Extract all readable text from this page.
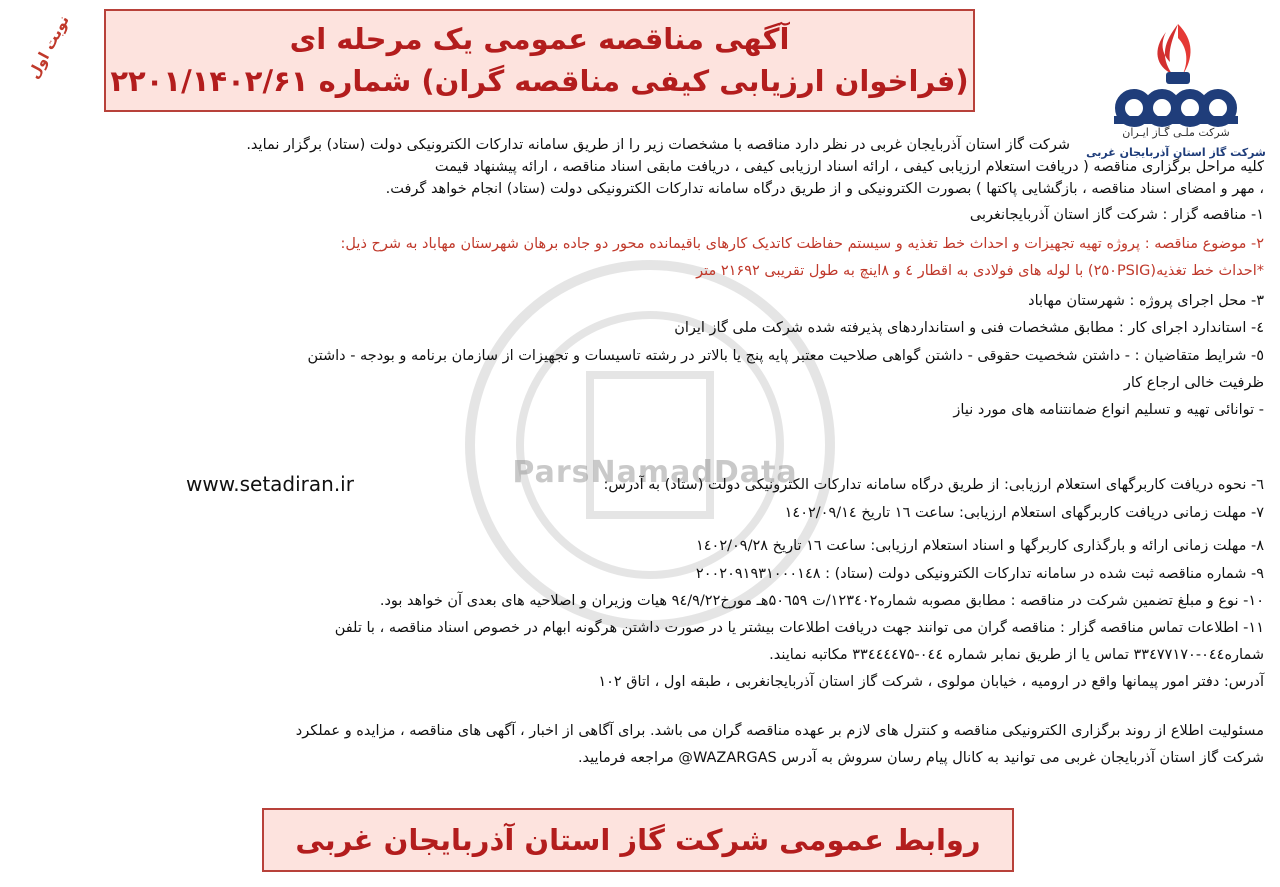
ParsNamadData
آگهی مناقصه عمومی یک مرحله ای
(فراخوان ارزیابی کیفی مناقصه گران) شماره ۲۲۰۱/۱۴۰۲/۶۱
نوبت اول
شرکت ملـی گـاز ایـران
شرکت گاز استان آذربایجان غربی
شرکت گاز استان آذربایجان غربی در نظر دارد مناقصه با مشخصات زیر را از طریق سامانه تدارکات الکترونیکی دولت (ستاد) برگزار نماید.
کلیه مراحل برگزاری مناقصه ( دریافت استعلام ارزیابی کیفی ، ارائه اسناد ارزیابی کیفی ، دریافت مابقی اسناد مناقصه ، ارائه پیشنهاد قیمت
، مهر و امضای اسناد مناقصه ، بازگشایی پاکتها ) بصورت الکترونیکی و از طریق درگاه سامانه تدارکات الکترونیکی دولت (ستاد) انجام خواهد گرفت.
۱- مناقصه گزار : شرکت گاز استان آذربایجانغربی
۲- موضوع مناقصه : پروژه تهیه تجهیزات و احداث خط تغذیه و سیستم حفاظت کاتدیک کارهای باقیمانده محور دو جاده برهان شهرستان مهاباد به شرح ذیل:
*احداث خط تغذیه(۲۵۰PSIG) با لوله های فولادی به اقطار ٤ و ۸اینچ به طول تقریبی ۲۱۶۹۲ متر
۳- محل اجرای پروژه : شهرستان مهاباد
٤- استاندارد اجرای کار : مطابق مشخصات فنی و استانداردهای پذیرفته شده شرکت ملی گاز ایران
٥- شرایط متقاضیان : - داشتن شخصیت حقوقی - داشتن گواهی صلاحیت معتبر پایه پنج یا بالاتر در رشته تاسیسات و تجهیزات از سازمان برنامه و بودجه - داشتن
ظرفیت خالی ارجاع کار
- توانائی تهیه و تسلیم انواع ضمانتنامه های مورد نیاز
٦- نحوه دریافت کاربرگهای استعلام ارزیابی: از طریق درگاه سامانه تدارکات الکترونیکی دولت (ستاد) به آدرس:
www.setadiran.ir
۷- مهلت زمانی دریافت کاربرگهای استعلام ارزیابی: ساعت ۱٦ تاریخ ۱٤۰۲/۰۹/۱٤
۸- مهلت زمانی ارائه و بارگذاری کاربرگها و اسناد استعلام ارزیابی: ساعت ۱٦ تاریخ ۱٤۰۲/۰۹/۲۸
۹- شماره مناقصه ثبت شده در سامانه تدارکات الکترونیکی دولت (ستاد) : ۲۰۰۲۰۹۱۹۳۱۰۰۰۱٤۸
۱۰- نوع و مبلغ تضمین شرکت در مناقصه : مطابق مصوبه شماره۱۲۳٤۰۲/ت ۵۰٦۵۹هـ مورخ۹٤/۹/۲۲ هیات وزیران و اصلاحیه های بعدی آن خواهد بود.
۱۱- اطلاعات تماس مناقصه گزار : مناقصه گران می توانند جهت دریافت اطلاعات بیشتر یا در صورت داشتن هرگونه ابهام در خصوص اسناد مناقصه ، با تلفن
شماره۰٤٤-۳۳٤۷۷۱۷۰ تماس یا از طریق نمابر شماره ۰٤٤-۳۳٤٤٤٤۷۵ مکاتبه نمایند.
آدرس: دفتر امور پیمانها واقع در ارومیه ، خیابان مولوی ، شرکت گاز استان آذربایجانغربی ، طبقه اول ، اتاق ۱۰۲
مسئولیت اطلاع از روند برگزاری الکترونیکی مناقصه و کنترل های لازم بر عهده مناقصه گران می باشد. برای آگاهی از اخبار ، آگهی های مناقصه ، مزایده و عملکرد
شرکت گاز استان آذربایجان غربی می توانید به کانال پیام رسان سروش به آدرس WAZARGAS@ مراجعه فرمایید.
روابط عمومی شرکت گاز استان آذربایجان غربی
